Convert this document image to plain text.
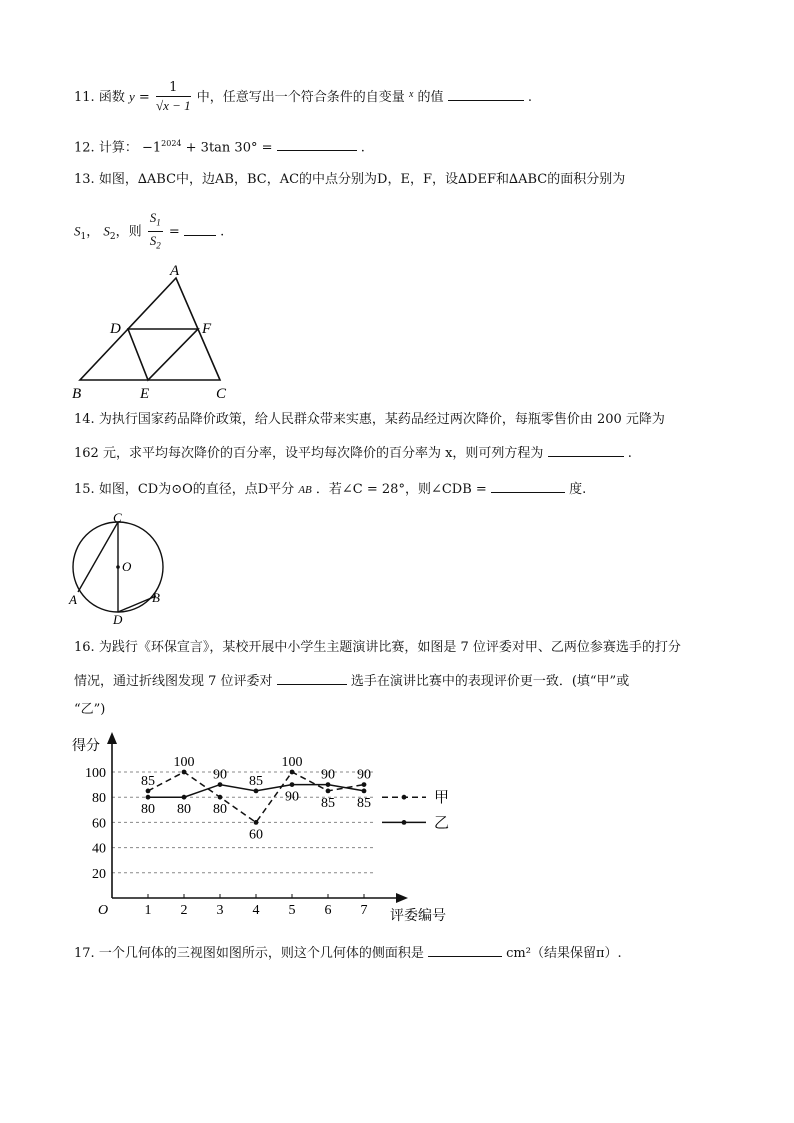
11. 函数 $y = \frac{1}{√x - 1}$ 中，任意写出一个符合条件的自变量 $^x$ 的值	.
12. 计算： $-1^{2024} + 3\tan$ 30° =	.
13. 如图，∆ABC中，边AB，BC，AC的中点分别为D，E，F，设∆DEF和∆ABC的面积分别为
$S_1$， $S_2$，则 $\frac{S_1}{S_2}$ =	.
A
B	C
D
E
F
14. 为执行国家药品降价政策，给人民群众带来实惠，某药品经过两次降价，每瓶零售价由 200 元降为
162 元，求平均每次降价的百分率，设平均每次降价的百分率为 x，则可列方程为	.
15. 如图，CD为⊙O的直径，点D平分 AB ．若∠C = 28°，则∠CDB =	度.
C
O
A	B
D
16. 为践行《环保宣言》，某校开展中小学生主题演讲比赛，如图是 7 位评委对甲、乙两位参赛选手的打分
情况，通过折线图发现 7 位评委对	选手在演讲比赛中的表现评价更一致．(填“甲”或
“乙”)
20
40
60
80
100
O
得分
评委编号
1 2 3 4 5 6 7
85
100
80
60
100
85
90
80 80
90 85
90
90
85	甲
乙
17. 一个几何体的三视图如图所示，则这个几何体的侧面积是	cm²（结果保留π）.
